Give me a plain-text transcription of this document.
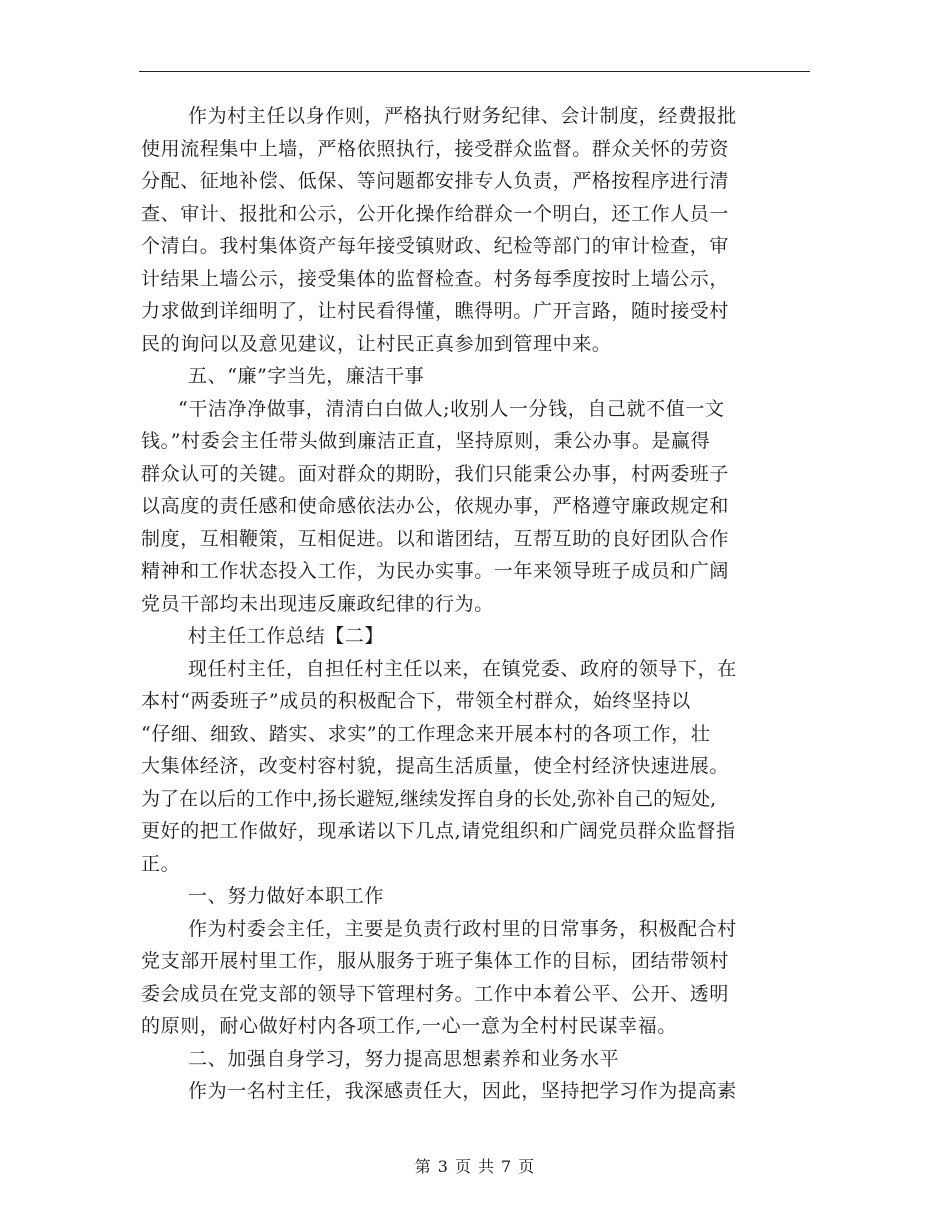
作为村主任以身作则，严格执行财务纪律、会计制度，经费报批
使用流程集中上墙，严格依照执行，接受群众监督。群众关怀的劳资
分配、征地补偿、低保、等问题都安排专人负责，严格按程序进行清
查、审计、报批和公示，公开化操作给群众一个明白，还工作人员一
个清白。我村集体资产每年接受镇财政、纪检等部门的审计检查，审
计结果上墙公示，接受集体的监督检查。村务每季度按时上墙公示，
力求做到详细明了，让村民看得懂，瞧得明。广开言路，随时接受村
民的询问以及意见建议，让村民正真参加到管理中来。
五、“廉”字当先，廉洁干事
“干洁净净做事，清清白白做人;收别人一分钱，自己就不值一文
钱。”村委会主任带头做到廉洁正直，坚持原则，秉公办事。是赢得
群众认可的关键。面对群众的期盼，我们只能秉公办事，村两委班子
以高度的责任感和使命感依法办公，依规办事，严格遵守廉政规定和
制度，互相鞭策，互相促进。以和谐团结，互帮互助的良好团队合作
精神和工作状态投入工作，为民办实事。一年来领导班子成员和广阔
党员干部均未出现违反廉政纪律的行为。
村主任工作总结【二】
现任村主任，自担任村主任以来，在镇党委、政府的领导下，在
本村“两委班子”成员的积极配合下，带领全村群众，始终坚持以
“仔细、细致、踏实、求实”的工作理念来开展本村的各项工作，壮
大集体经济，改变村容村貌，提高生活质量，使全村经济快速进展。
为了在以后的工作中,扬长避短,继续发挥自身的长处,弥补自己的短处,
更好的把工作做好，现承诺以下几点,请党组织和广阔党员群众监督指
正。
一、努力做好本职工作
作为村委会主任，主要是负责行政村里的日常事务，积极配合村
党支部开展村里工作，服从服务于班子集体工作的目标，团结带领村
委会成员在党支部的领导下管理村务。工作中本着公平、公开、透明
的原则，耐心做好村内各项工作,一心一意为全村村民谋幸福。
二、加强自身学习，努力提高思想素养和业务水平
作为一名村主任，我深感责任大，因此，坚持把学习作为提高素
第 3 页 共 7 页
